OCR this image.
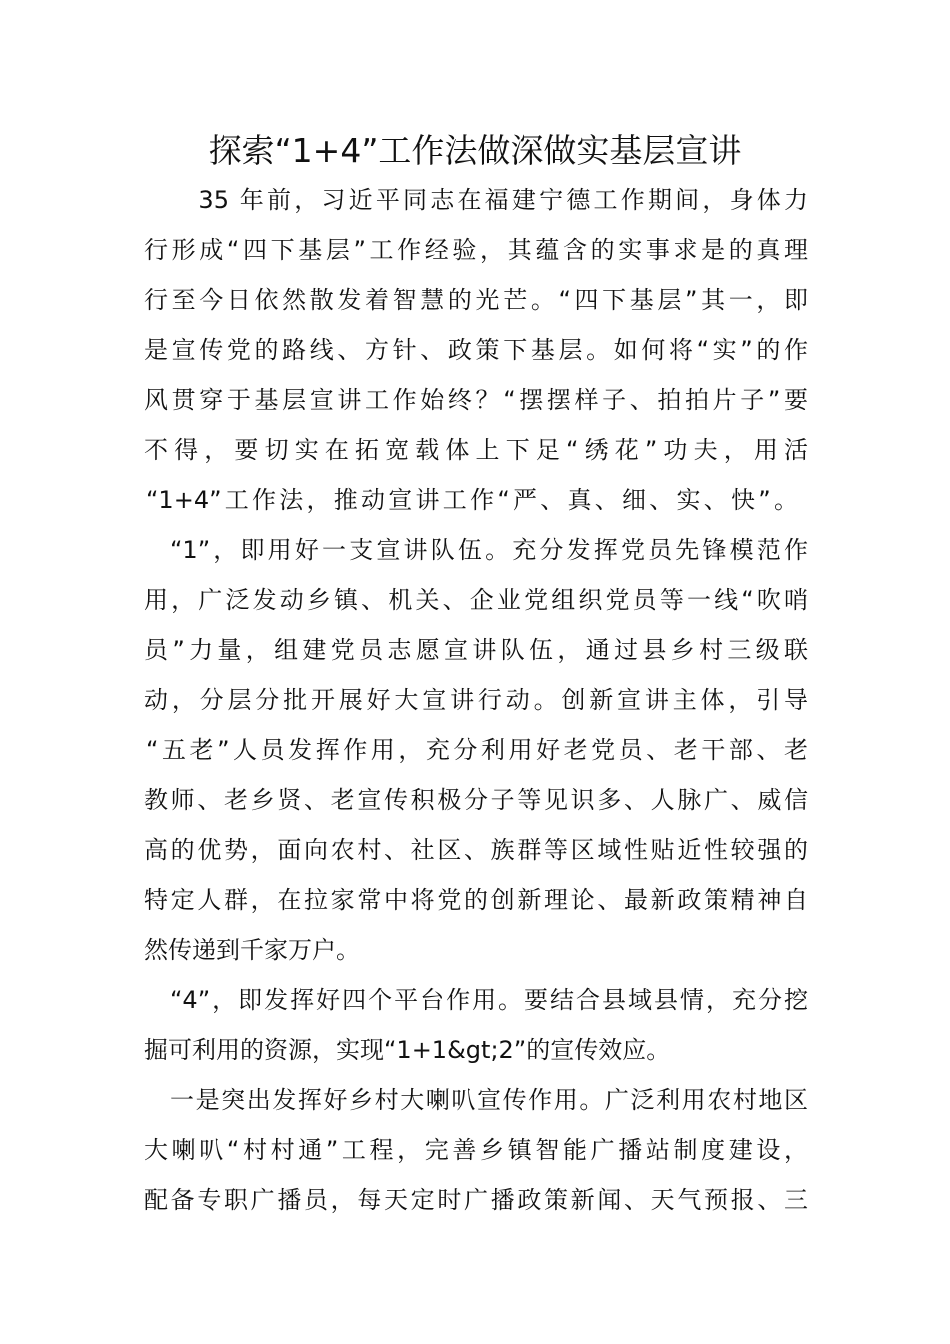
探索“1+4”工作法做深做实基层宣讲
　　35 年前，习近平同志在福建宁德工作期间，身体力
行形成“四下基层”工作经验，其蕴含的实事求是的真理
行至今日依然散发着智慧的光芒。“四下基层”其一，即
是宣传党的路线、方针、政策下基层。如何将“实”的作
风贯穿于基层宣讲工作始终？“摆摆样子、拍拍片子”要
不得，要切实在拓宽载体上下足“绣花”功夫，用活
“1+4”工作法，推动宣讲工作“严、真、细、实、快”。
“1”，即用好一支宣讲队伍。充分发挥党员先锋模范作
用，广泛发动乡镇、机关、企业党组织党员等一线“吹哨
员”力量，组建党员志愿宣讲队伍，通过县乡村三级联
动，分层分批开展好大宣讲行动。创新宣讲主体，引导
“五老”人员发挥作用，充分利用好老党员、老干部、老
教师、老乡贤、老宣传积极分子等见识多、人脉广、威信
高的优势，面向农村、社区、族群等区域性贴近性较强的
特定人群，在拉家常中将党的创新理论、最新政策精神自
然传递到千家万户。
“4”，即发挥好四个平台作用。要结合县域县情，充分挖
掘可利用的资源，实现“1+1&gt;2”的宣传效应。
一是突出发挥好乡村大喇叭宣传作用。广泛利用农村地区
大喇叭“村村通”工程，完善乡镇智能广播站制度建设，
配备专职广播员，每天定时广播政策新闻、天气预报、三
